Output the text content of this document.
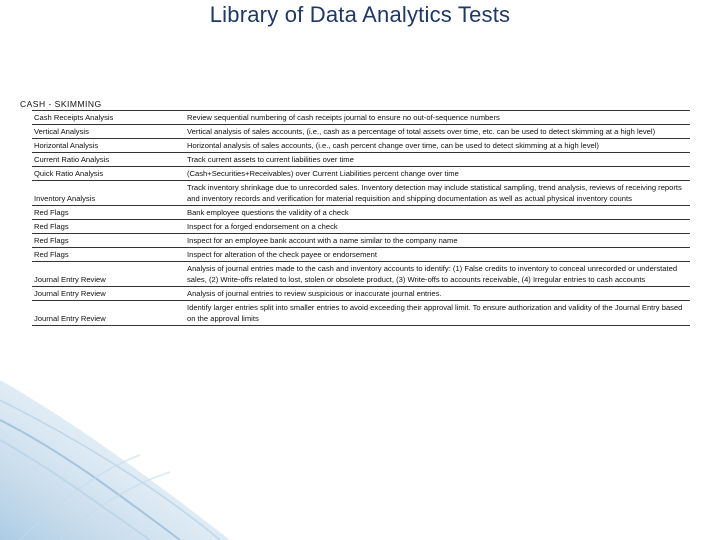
Library of Data Analytics Tests
CASH - SKIMMING
Cash Receipts Analysis	Review sequential numbering of cash receipts journal to ensure no out-of-sequence numbers
Vertical Analysis	Vertical analysis of sales accounts, (i.e., cash as a percentage of total assets over time, etc. can be used to detect skimming at a high level)
Horizontal Analysis	Horizontal analysis of sales accounts, (i.e., cash percent change over time, can be used to detect skimming at a high level)
Current Ratio Analysis	Track current assets to current liabilities over time
Quick Ratio Analysis	(Cash+Securities+Receivables) over Current Liabilities percent change over time
Inventory Analysis	Track inventory shrinkage due to unrecorded sales. Inventory detection may include statistical sampling, trend analysis, reviews of receiving reports and inventory records and verification for material requisition and shipping documentation as well as actual physical inventory counts
Red Flags	Bank employee questions the validity of a check
Red Flags	Inspect for a forged endorsement on a check
Red Flags	Inspect for an employee bank account with a name similar to the company name
Red Flags	Inspect for alteration of the check payee or endorsement
Journal Entry Review	Analysis of journal entries made to the cash and inventory accounts to identify: (1) False credits to inventory to conceal unrecorded or understated sales, (2) Write-offs related to lost, stolen or obsolete product, (3) Write-offs to accounts receivable, (4) Irregular entries to cash accounts
Journal Entry Review	Analysis of journal entries to review suspicious or inaccurate journal entries.
Journal Entry Review	Identify larger entries split into smaller entries to avoid exceeding their approval limit. To ensure authorization and validity of the Journal Entry based on the approval limits
